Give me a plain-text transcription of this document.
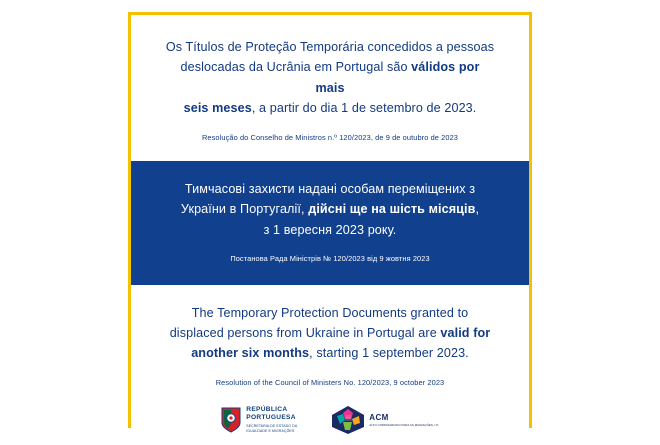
Os Títulos de Proteção Temporária concedidos a pessoas
deslocadas da Ucrânia em Portugal são válidos por mais
seis meses, a partir do dia 1 de setembro de 2023.

Resolução do Conselho de Ministros n.º 120/2023, de 9 de outubro de 2023

Тимчасові захисти надані особам переміщених з
України в Португалії, дійсні ще на шість місяців,
з 1 вересня 2023 року.

Постанова Рада Міністрів № 120/2023 від 9 жовтня 2023

The Temporary Protection Documents granted to
displaced persons from Ukraine in Portugal are valid for
another six months, starting 1 september 2023.

Resolution of the Council of Ministers No. 120/2023, 9 october 2023

REPÚBLICA
PORTUGUESA
SECRETARIA DE ESTADO DA
IGUALDADE E MIGRAÇÕES
ACM
ALTO COMISSARIADO PARA AS MIGRAÇÕES, I.P.
